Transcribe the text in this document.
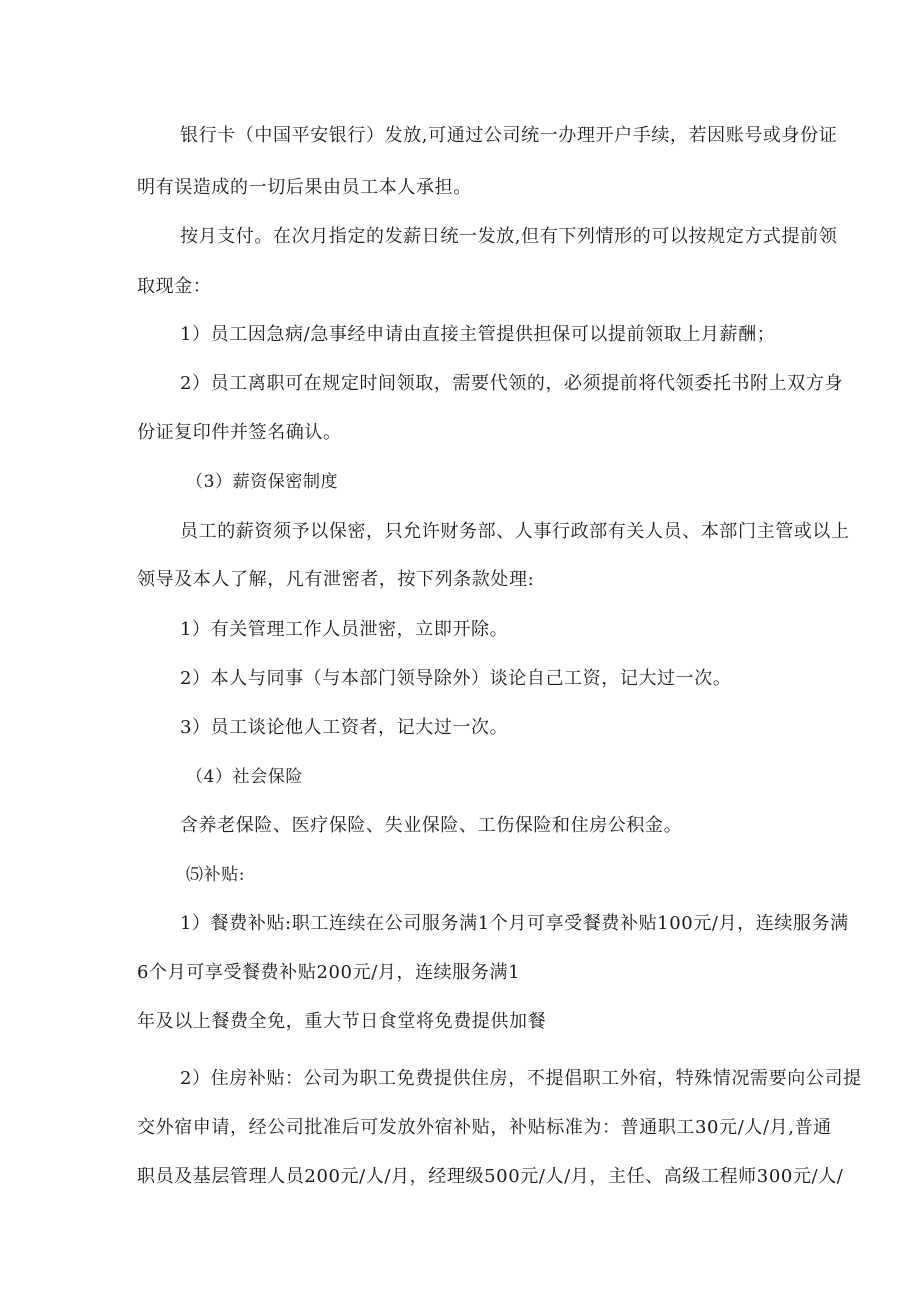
银行卡（中国平安银行）发放,可通过公司统一办理开户手续，若因账号或身份证
明有误造成的一切后果由员工本人承担。
按月支付。在次月指定的发薪日统一发放,但有下列情形的可以按规定方式提前领
取现金：
1）员工因急病/急事经申请由直接主管提供担保可以提前领取上月薪酬；
2）员工离职可在规定时间领取，需要代领的，必须提前将代领委托书附上双方身
份证复印件并签名确认。
（3）薪资保密制度
员工的薪资须予以保密，只允许财务部、人事行政部有关人员、本部门主管或以上
领导及本人了解，凡有泄密者，按下列条款处理:
1）有关管理工作人员泄密，立即开除。
2）本人与同事（与本部门领导除外）谈论自己工资，记大过一次。
3）员工谈论他人工资者，记大过一次。
（4）社会保险
含养老保险、医疗保险、失业保险、工伤保险和住房公积金。
⑸补贴:
1）餐费补贴:职工连续在公司服务满1个月可享受餐费补贴100元/月，连续服务满
6个月可享受餐费补贴200元/月，连续服务满1
年及以上餐费全免，重大节日食堂将免费提供加餐
2）住房补贴：公司为职工免费提供住房，不提倡职工外宿，特殊情况需要向公司提
交外宿申请，经公司批准后可发放外宿补贴，补贴标准为：普通职工30元/人/月,普通
职员及基层管理人员200元/人/月，经理级500元/人/月，主任、高级工程师300元/人/
